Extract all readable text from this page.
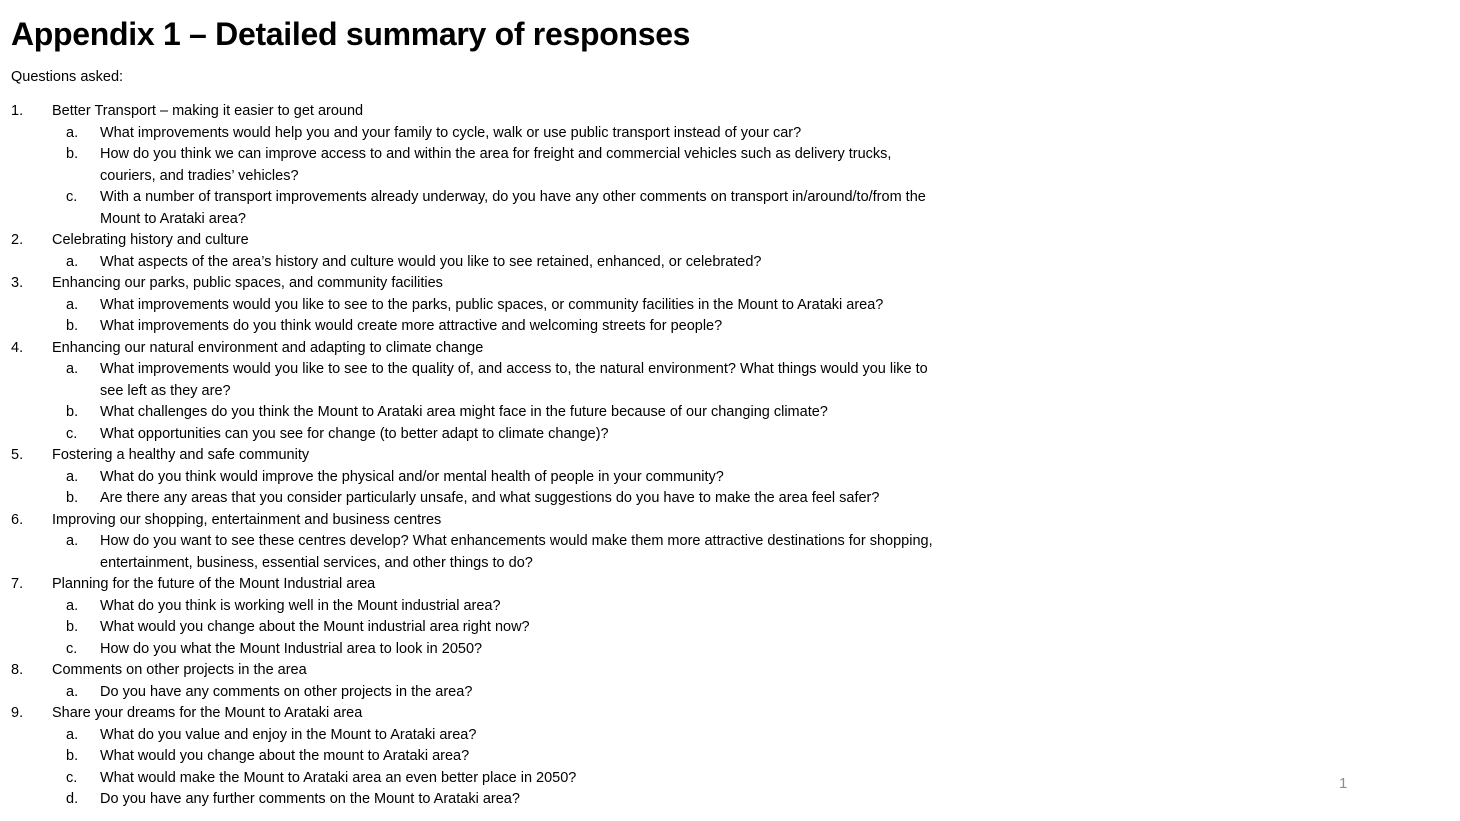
Appendix 1 – Detailed summary of responses
Questions asked:
1. Better Transport – making it easier to get around
a. What improvements would help you and your family to cycle, walk or use public transport instead of your car?
b. How do you think we can improve access to and within the area for freight and commercial vehicles such as delivery trucks, couriers, and tradies’ vehicles?
c. With a number of transport improvements already underway, do you have any other comments on transport in/around/to/from the Mount to Arataki area?
2. Celebrating history and culture
a. What aspects of the area’s history and culture would you like to see retained, enhanced, or celebrated?
3. Enhancing our parks, public spaces, and community facilities
a. What improvements would you like to see to the parks, public spaces, or community facilities in the Mount to Arataki area?
b. What improvements do you think would create more attractive and welcoming streets for people?
4. Enhancing our natural environment and adapting to climate change
a. What improvements would you like to see to the quality of, and access to, the natural environment? What things would you like to see left as they are?
b. What challenges do you think the Mount to Arataki area might face in the future because of our changing climate?
c. What opportunities can you see for change (to better adapt to climate change)?
5. Fostering a healthy and safe community
a. What do you think would improve the physical and/or mental health of people in your community?
b. Are there any areas that you consider particularly unsafe, and what suggestions do you have to make the area feel safer?
6. Improving our shopping, entertainment and business centres
a. How do you want to see these centres develop? What enhancements would make them more attractive destinations for shopping, entertainment, business, essential services, and other things to do?
7. Planning for the future of the Mount Industrial area
a. What do you think is working well in the Mount industrial area?
b. What would you change about the Mount industrial area right now?
c. How do you what the Mount Industrial area to look in 2050?
8. Comments on other projects in the area
a. Do you have any comments on other projects in the area?
9. Share your dreams for the Mount to Arataki area
a. What do you value and enjoy in the Mount to Arataki area?
b. What would you change about the mount to Arataki area?
c. What would make the Mount to Arataki area an even better place in 2050?
d. Do you have any further comments on the Mount to Arataki area?
1
